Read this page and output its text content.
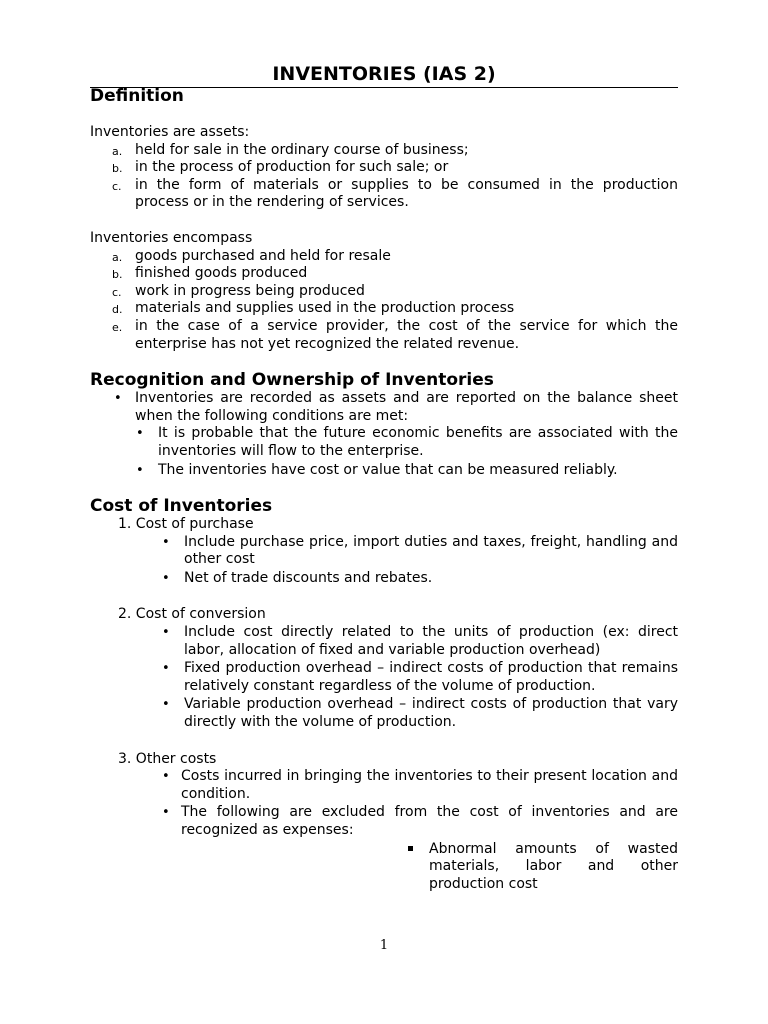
INVENTORIES (IAS 2)
Definition

Inventories are assets:

a. held for sale in the ordinary course of business;
b. in the process of production for such sale; or
c. in the form of materials or supplies to be consumed in the production process or in the rendering of services.

Inventories encompass

a. goods purchased and held for resale
b. finished goods produced
c. work in progress being produced
d. materials and supplies used in the production process
e. in the case of a service provider, the cost of the service for which the enterprise has not yet recognized the related revenue.
Recognition and Ownership of Inventories
• Inventories are recorded as assets and are reported on the balance sheet when the following conditions are met:
• It is probable that the future economic benefits are associated with the inventories will flow to the enterprise.
• The inventories have cost or value that can be measured reliably.
Cost of Inventories

1. Cost of purchase

• Include purchase price, import duties and taxes, freight, handling and other cost
• Net of trade discounts and rebates.

2. Cost of conversion

• Include cost directly related to the units of production (ex: direct labor, allocation of fixed and variable production overhead)
• Fixed production overhead – indirect costs of production that remains relatively constant regardless of the volume of production.
• Variable production overhead – indirect costs of production that vary directly with the volume of production.

3. Other costs

• Costs incurred in bringing the inventories to their present location and condition.
• The following are excluded from the cost of inventories and are recognized as expenses:
Abnormal amounts of wasted materials, labor and other production cost
1
